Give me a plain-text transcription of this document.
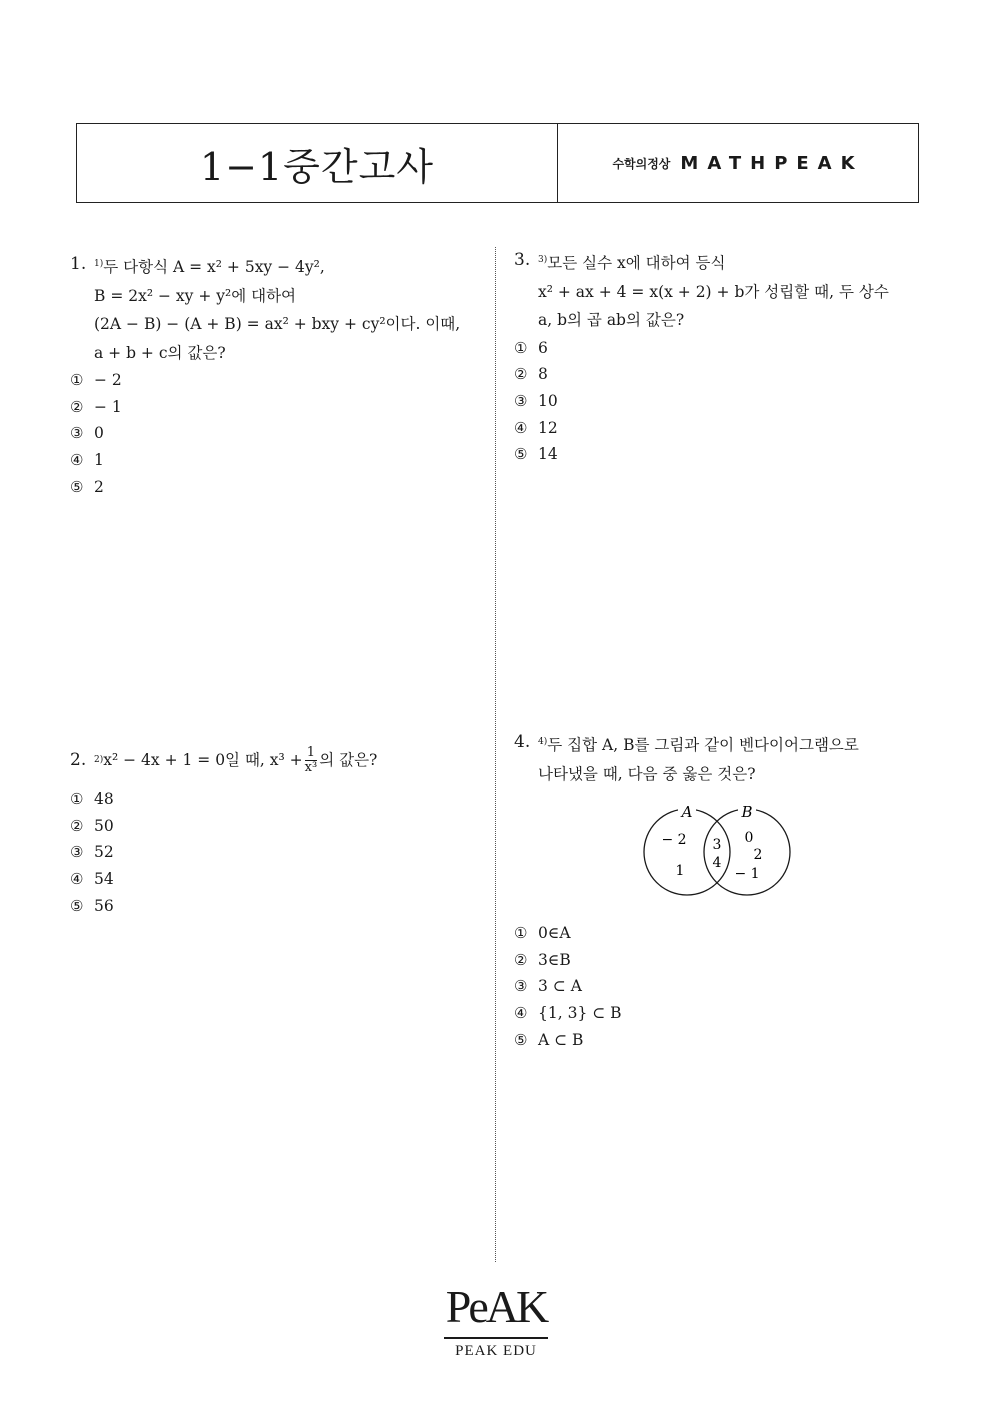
1−1중간고사	수학의정상 MATHPEAK
1. $^{1)}$두 다항식 A = x² + 5xy − 4y²,
B = 2x² − xy + y²에 대하여
(2A − B) − (A + B) = ax² + bxy + cy²이다. 이때,
a + b + c의 값은?
① − 2
② − 1
③ 0
④ 1
⑤ 2
2. 2) x² − 4x + 1 = 0일 때, $x^3 + \frac{1}{\text{x³}}$ 의 값은?
① 48
② 50
③ 52
④ 54
⑤ 56
3. $^{3)}$모든 실수 x에 대하여 등식
x² + ax + 4 = x(x + 2) + b가 성립할 때, 두 상수
a, b의 곱 ab의 값은?
① 6
② 8
③ 10
④ 12
⑤ 14
4. $^{4)}$두 집합 A, B를 그림과 같이 벤다이어그램으로
나타냈을 때, 다음 중 옳은 것은?
① 0∈A
② 3∈B
③ 3 ⊂ A
④ {1, 3} ⊂ B
⑤ A ⊂ B
A	B
− 2
1
3
4
0
2
− 1
PeAK
PEAK EDU
